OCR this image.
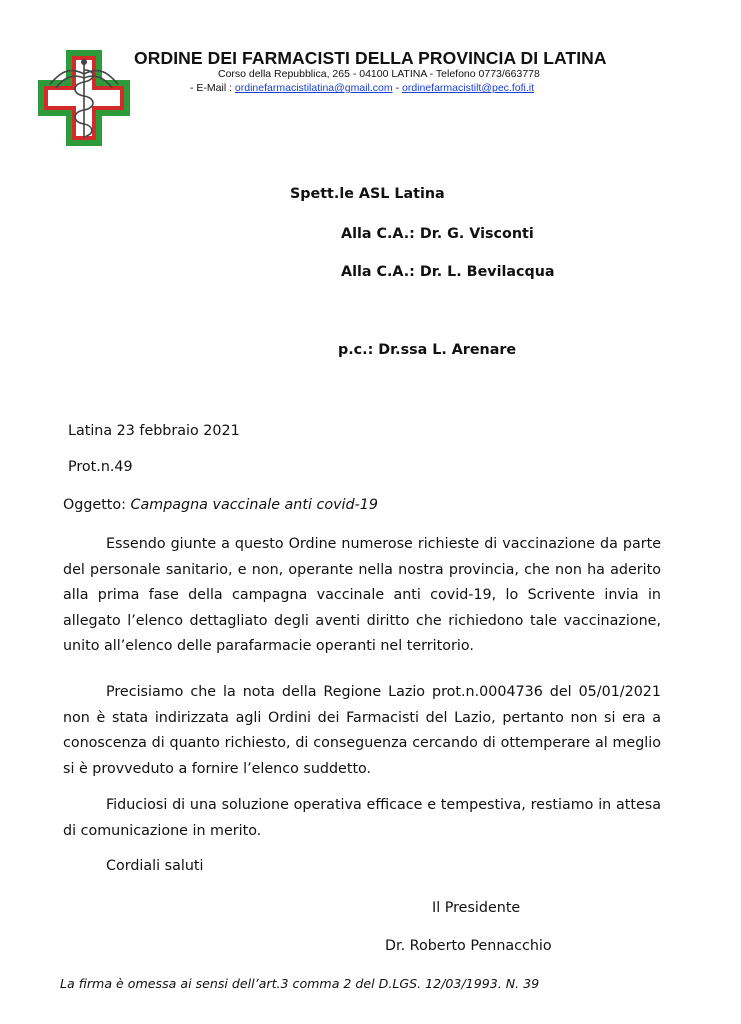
ORDINE DEI FARMACISTI DELLA PROVINCIA DI LATINA
Corso della Repubblica, 265 - 04100 LATINA - Telefono 0773/663778
- E-Mail : ordinefarmacistilatina@gmail.com - ordinefarmacistilt@pec.fofi.it
Spett.le ASL Latina
Alla C.A.: Dr. G. Visconti
Alla C.A.: Dr. L. Bevilacqua
p.c.: Dr.ssa L. Arenare
Latina 23 febbraio 2021
Prot.n.49
Oggetto: Campagna vaccinale anti covid-19

Essendo giunte a questo Ordine numerose richieste di vaccinazione da parte del personale sanitario, e non, operante nella nostra provincia, che non ha aderito alla prima fase della campagna vaccinale anti covid-19, lo Scrivente invia in allegato l’elenco dettagliato degli aventi diritto che richiedono tale vaccinazione, unito all’elenco delle parafarmacie operanti nel territorio.

Precisiamo che la nota della Regione Lazio prot.n.0004736 del 05/01/2021 non è stata indirizzata agli Ordini dei Farmacisti del Lazio, pertanto non si era a conoscenza di quanto richiesto, di conseguenza cercando di ottemperare al meglio si è provveduto a fornire l’elenco suddetto.

Fiduciosi di una soluzione operativa efficace e tempestiva, restiamo in attesa di comunicazione in merito.

Cordiali saluti
Il Presidente
Dr. Roberto Pennacchio
La firma è omessa ai sensi dell’art.3 comma 2 del D.LGS. 12/03/1993. N. 39
